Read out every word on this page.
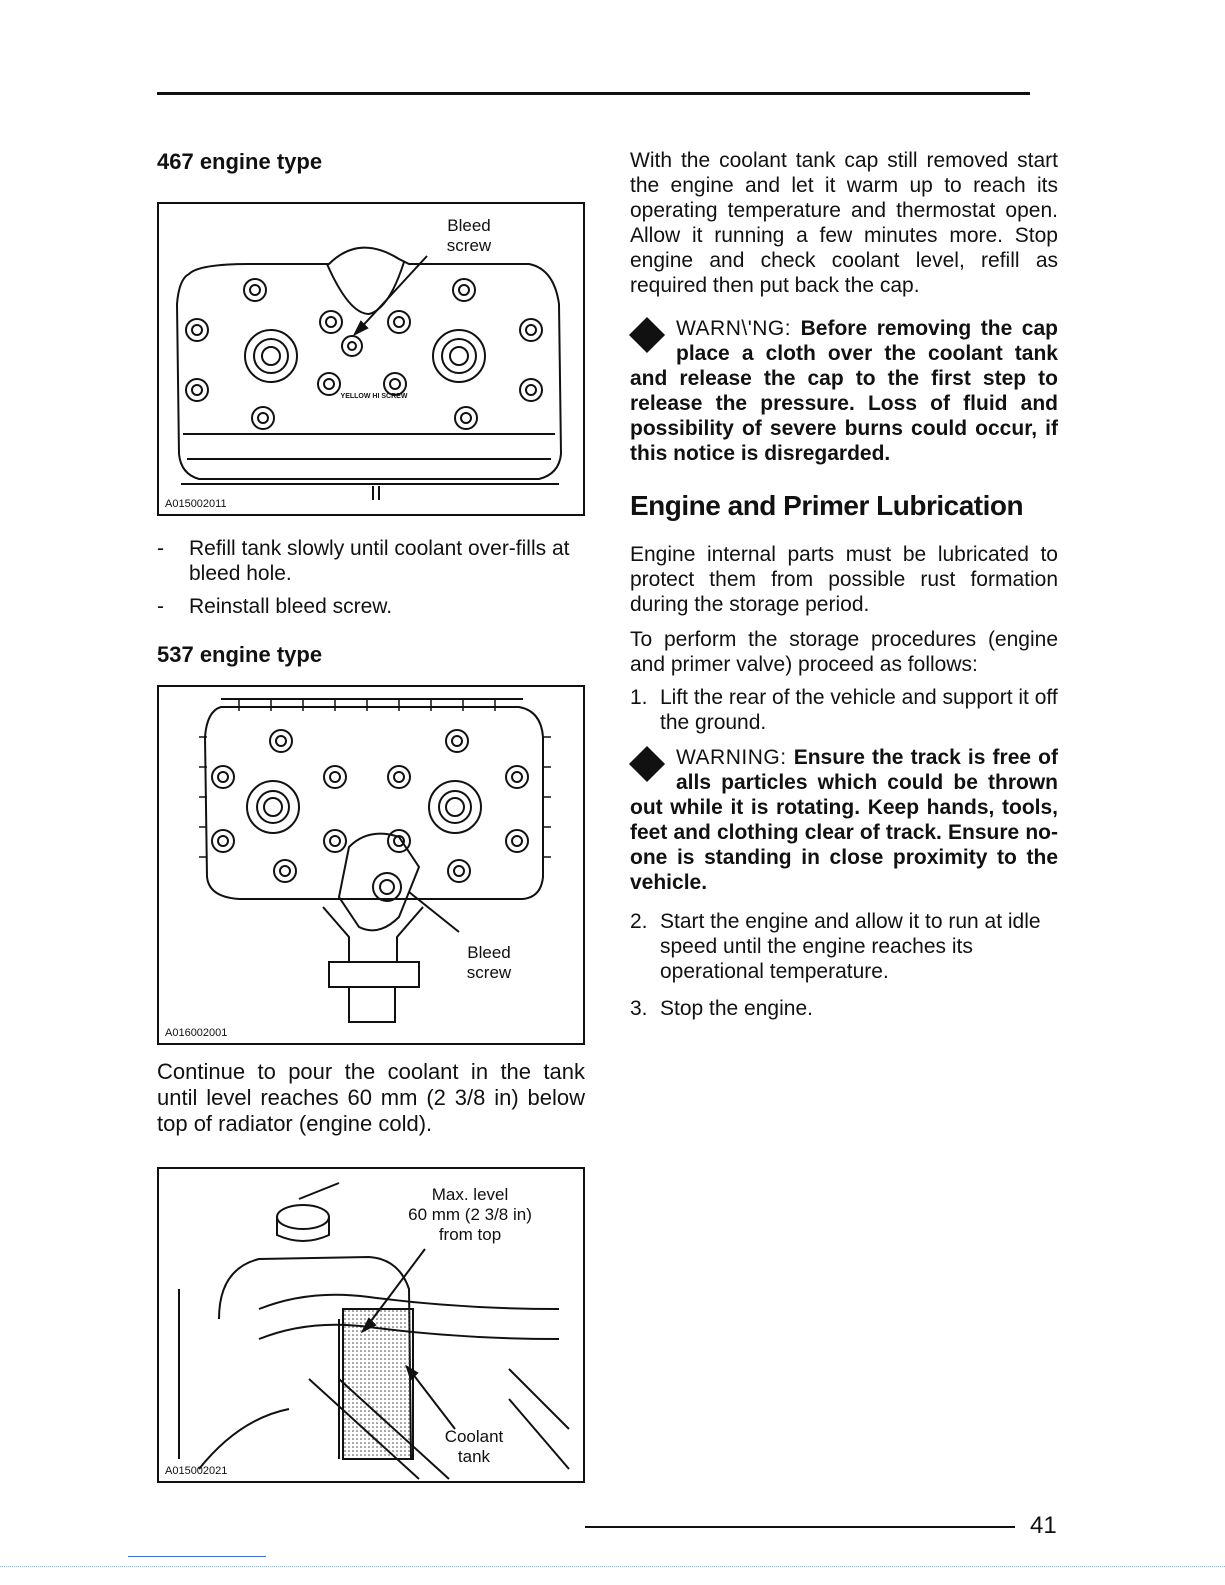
467 engine type
Bleed
screw
YELLOW HI SCREW
A015002011
-	Refill tank slowly until coolant over-fills at bleed hole.
-	Reinstall bleed screw.
537 engine type
Bleed
screw
A016002001

Continue to pour the coolant in the tank until level reaches 60 mm (2 3/8 in) below top of radiator (engine cold).

Max. level
60 mm (2 3/8 in)
from top
Coolant
tank
A015002021

With the coolant tank cap still removed start the engine and let it warm up to reach its operating temperature and thermostat open. Allow it running a few minutes more. Stop engine and check coolant level, refill as required then put back the cap.

WARN\'NG: Before removing the cap place a cloth over the coolant tank and release the cap to the first step to release the pressure. Loss of fluid and possibility of severe burns could occur, if this notice is disregarded.
Engine and Primer Lubrication

Engine internal parts must be lubricated to protect them from possible rust formation during the storage period.

To perform the storage procedures (engine and primer valve) proceed as follows:

1. Lift the rear of the vehicle and support it off the ground.
WARNING: Ensure the track is free of alls particles which could be thrown out while it is rotating. Keep hands, tools, feet and clothing clear of track. Ensure no-one is standing in close proximity to the vehicle.
2. Start the engine and allow it to run at idle speed until the engine reaches its operational temperature.
3. Stop the engine.
41
